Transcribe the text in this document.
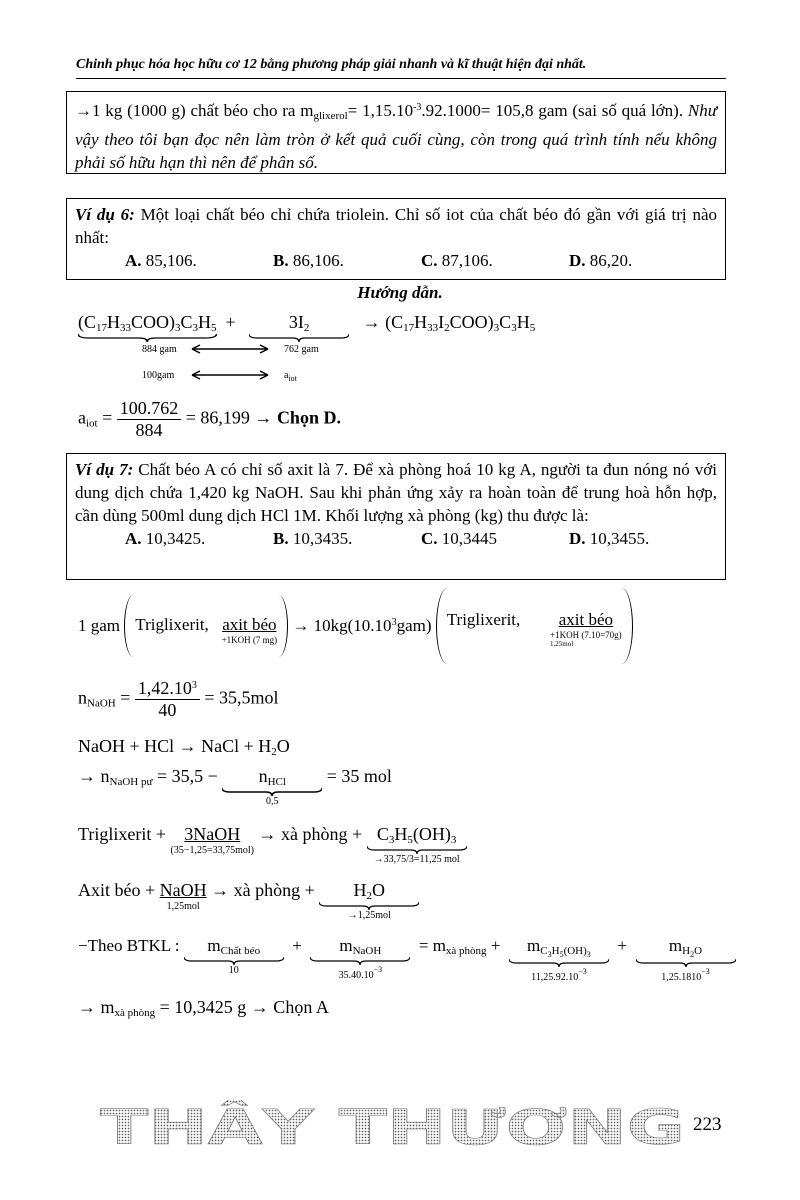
Chinh phục hóa học hữu cơ 12 bằng phương pháp giải nhanh và kĩ thuật hiện đại nhất.
→1 kg (1000 g) chất béo cho ra $m_{glixerol}= 1,15.10^{-3}.92.1000= 105,8$ gam (sai số quá lớn). Như vậy theo tôi bạn đọc nên làm tròn ở kết quả cuối cùng, còn trong quá trình tính nếu không phải số hữu hạn thì nên để phân số.
Ví dụ 6: Một loại chất béo chỉ chứa triolein. Chỉ số iot của chất béo đó gần với giá trị nào nhất:
A. 85,106.	B. 86,106.	C. 87,106.	D. 86,20.
Hướng dẫn.
$(C_{17}H_{33}COO)_3C_3H_5$
+   $3I_2$
→ $(C_{17}H_{33}I_2COO)_3C_3H_5$
884 gam	762 gam
100gam	$a_{iot}$
$a_{iot} = \frac{100.762}{884} = 86,199$ → Chọn D.
Ví dụ 7: Chất béo A có chỉ số axit là 7. Để xà phòng hoá 10 kg A, người ta đun nóng nó với dung dịch chứa 1,420 kg NaOH. Sau khi phản ứng xảy ra hoàn toàn để trung hoà hỗn hợp, cần dùng 500ml dung dịch HCl 1M. Khối lượng xà phòng (kg) thu được là:
A. 10,3425.	B. 10,3435.	C. 10,3445	D. 10,3455.
1 gam Triglixerit, axit béo
+1KOH (7 mg)
→ $10kg(10.10^3gam)$ Triglixerit, axit béo
+1KOH (7.10=70g)
1,25mol
$n_{NaOH} = \frac{1,42.10^3}{40} = 35,5mol$
NaOH + HCl → NaCl + $H_2O$
→ $n_{NaOH pư} = 35,5 - n_{HCl}$
0,5
= 35 mol
Triglixerit + 3NaOH
(35−1,25=33,75mol)
→ xà phòng + $C_3H_5(OH)_3$
→33,75/3=11,25 mol
Axit béo + NaOH
1,25mol
→ xà phòng + $H_2O$
→1,25mol
−Theo BTKL : $m_{Chất béo}$
10
+  $m_{NaOH}$
$35.40.10^{-3}$
= $m_{xà phòng} + m_{C_3H_5(OH)_3}$
$11,25.92.10^{-3}$
+  $m_{H_2O}$
$1,25.1810^{-3}$
→ $m_{xà phòng} = 10,3425$ g → Chọn A
THẦY THƯƠNG	223
